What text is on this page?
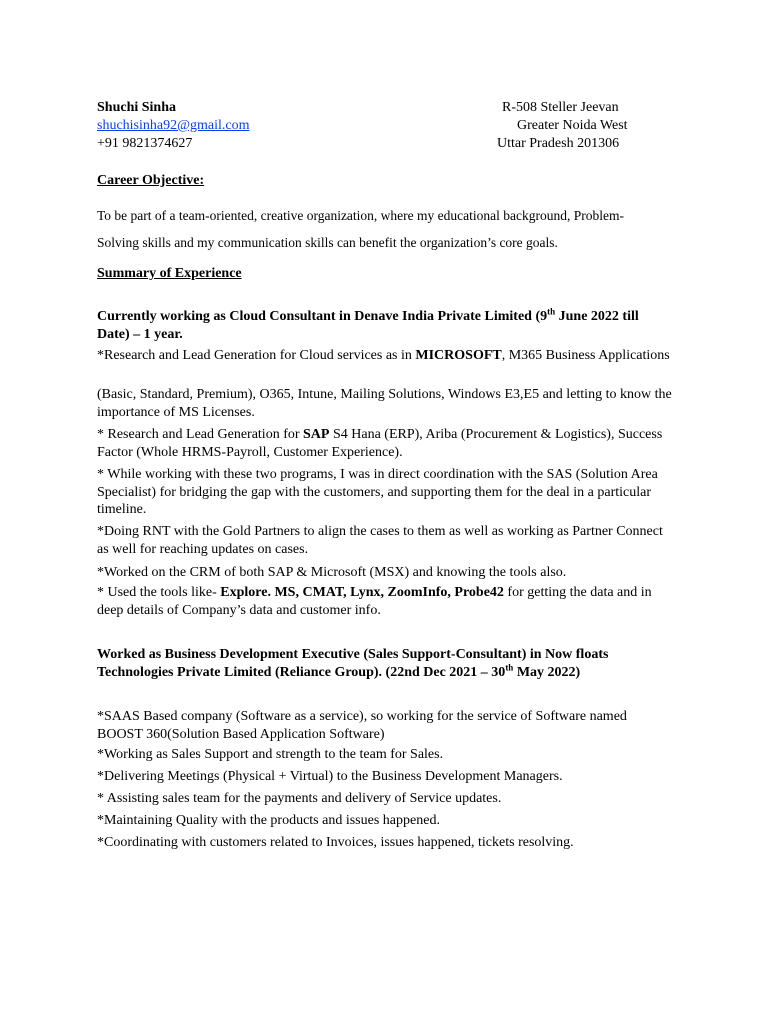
Shuchi Sinha
shuchisinha92@gmail.com
+91 9821374627
R-508 Steller Jeevan
Greater Noida West
Uttar Pradesh 201306
Career Objective:
To be part of a team-oriented, creative organization, where my educational background, Problem-
Solving skills and my communication skills can benefit the organization’s core goals.
Summary of Experience

Currently working as Cloud Consultant in Denave India Private Limited (9th June 2022 till Date) – 1 year.

*Research and Lead Generation for Cloud services as in MICROSOFT, M365 Business Applications

(Basic, Standard, Premium), O365, Intune, Mailing Solutions, Windows E3,E5 and letting to know the importance of MS Licenses.

* Research and Lead Generation for SAP S4 Hana (ERP), Ariba (Procurement & Logistics), Success Factor (Whole HRMS-Payroll, Customer Experience).

* While working with these two programs, I was in direct coordination with the SAS (Solution Area Specialist) for bridging the gap with the customers, and supporting them for the deal in a particular timeline.

*Doing RNT with the Gold Partners to align the cases to them as well as working as Partner Connect as well for reaching updates on cases.

*Worked on the CRM of both SAP & Microsoft (MSX) and knowing the tools also.

* Used the tools like- Explore. MS, CMAT, Lynx, ZoomInfo, Probe42 for getting the data and in deep details of Company’s data and customer info.

Worked as Business Development Executive (Sales Support-Consultant) in Now floats Technologies Private Limited (Reliance Group). (22nd Dec 2021 – 30th May 2022)

*SAAS Based company (Software as a service), so working for the service of Software named BOOST 360(Solution Based Application Software)

*Working as Sales Support and strength to the team for Sales.

*Delivering Meetings (Physical + Virtual) to the Business Development Managers.

* Assisting sales team for the payments and delivery of Service updates.

*Maintaining Quality with the products and issues happened.

*Coordinating with customers related to Invoices, issues happened, tickets resolving.
